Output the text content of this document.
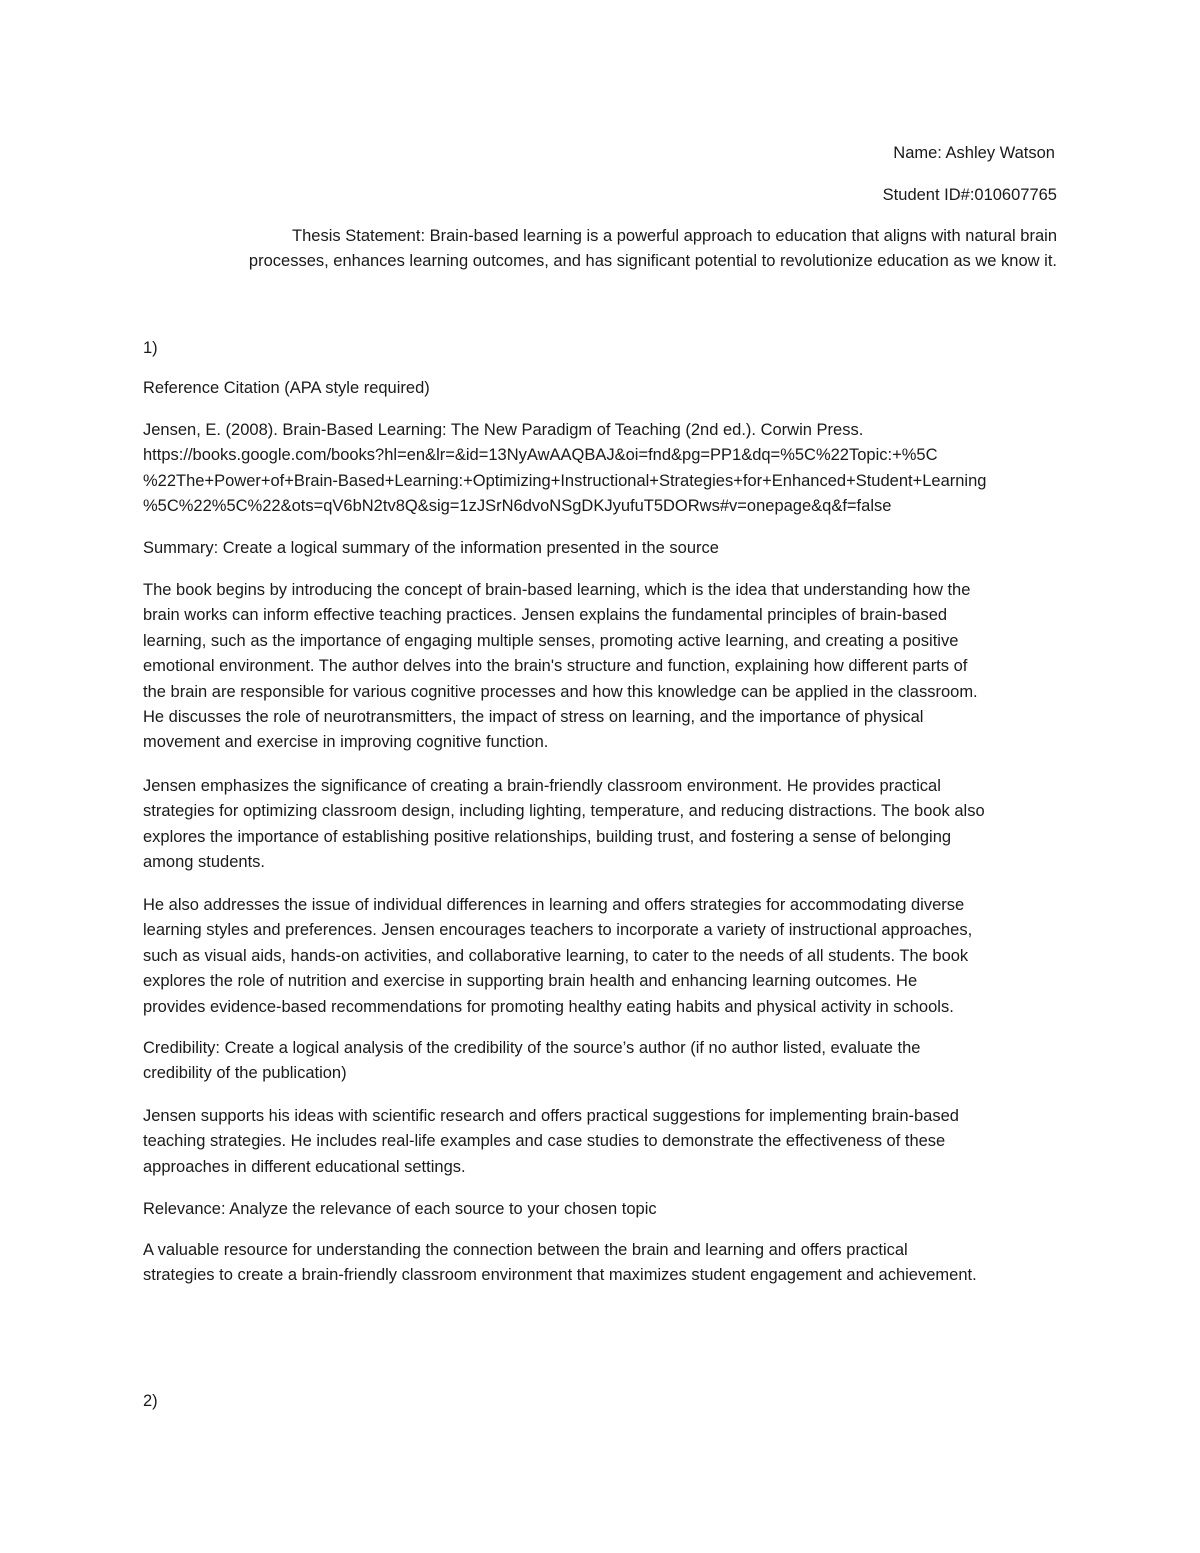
Name: Ashley Watson

Student ID#:010607765

Thesis Statement: Brain-based learning is a powerful approach to education that aligns with natural brain

processes, enhances learning outcomes, and has significant potential to revolutionize education as we know it.

1)

Reference Citation (APA style required)

Jensen, E. (2008). Brain-Based Learning: The New Paradigm of Teaching (2nd ed.). Corwin Press.

https://books.google.com/books?hl=en&lr=&id=13NyAwAAQBAJ&oi=fnd&pg=PP1&dq=%5C%22Topic:+%5C

%22The+Power+of+Brain-Based+Learning:+Optimizing+Instructional+Strategies+for+Enhanced+Student+Learning

%5C%22%5C%22&ots=qV6bN2tv8Q&sig=1zJSrN6dvoNSgDKJyufuT5DORws#v=onepage&q&f=false

Summary: Create a logical summary of the information presented in the source

The book begins by introducing the concept of brain-based learning, which is the idea that understanding how the

brain works can inform effective teaching practices. Jensen explains the fundamental principles of brain-based

learning, such as the importance of engaging multiple senses, promoting active learning, and creating a positive

emotional environment. The author delves into the brain's structure and function, explaining how different parts of

the brain are responsible for various cognitive processes and how this knowledge can be applied in the classroom.

He discusses the role of neurotransmitters, the impact of stress on learning, and the importance of physical

movement and exercise in improving cognitive function.

Jensen emphasizes the significance of creating a brain-friendly classroom environment. He provides practical

strategies for optimizing classroom design, including lighting, temperature, and reducing distractions. The book also

explores the importance of establishing positive relationships, building trust, and fostering a sense of belonging

among students.

He also addresses the issue of individual differences in learning and offers strategies for accommodating diverse

learning styles and preferences. Jensen encourages teachers to incorporate a variety of instructional approaches,

such as visual aids, hands-on activities, and collaborative learning, to cater to the needs of all students. The book

explores the role of nutrition and exercise in supporting brain health and enhancing learning outcomes. He

provides evidence-based recommendations for promoting healthy eating habits and physical activity in schools.

Credibility: Create a logical analysis of the credibility of the source’s author (if no author listed, evaluate the

credibility of the publication)

Jensen supports his ideas with scientific research and offers practical suggestions for implementing brain-based

teaching strategies. He includes real-life examples and case studies to demonstrate the effectiveness of these

approaches in different educational settings.

Relevance: Analyze the relevance of each source to your chosen topic

A valuable resource for understanding the connection between the brain and learning and offers practical

strategies to create a brain-friendly classroom environment that maximizes student engagement and achievement.

2)
